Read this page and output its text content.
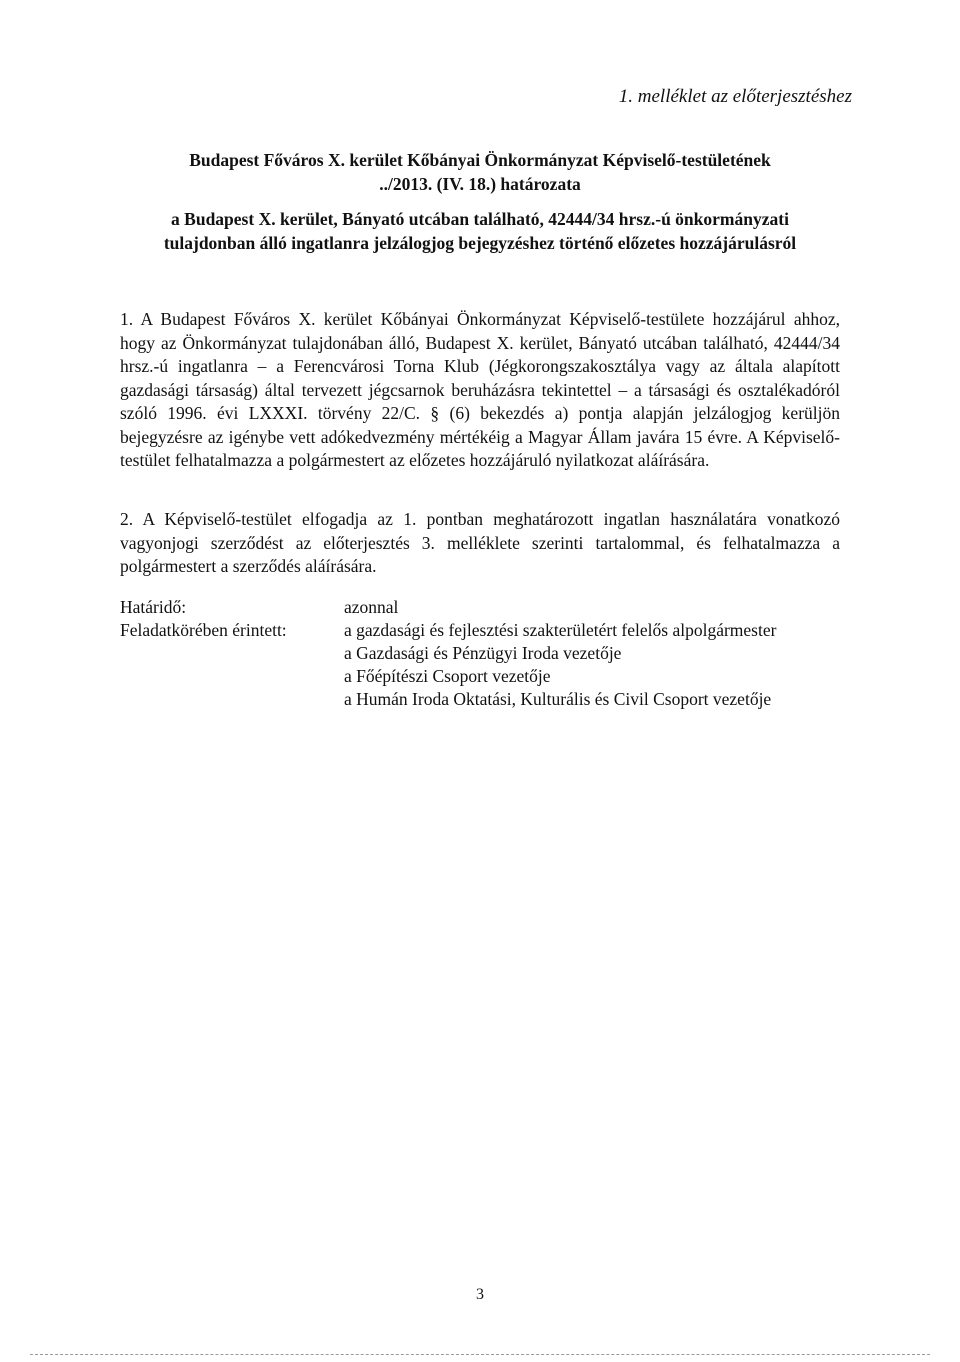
1. melléklet az előterjesztéshez
Budapest Főváros X. kerület Kőbányai Önkormányzat Képviselő-testületének
../2013. (IV. 18.) határozata
a Budapest X. kerület, Bányató utcában található, 42444/34 hrsz.-ú önkormányzati
tulajdonban álló ingatlanra jelzálogjog bejegyzéshez történő előzetes hozzájárulásról
1. A Budapest Főváros X. kerület Kőbányai Önkormányzat Képviselő-testülete hozzájárul ahhoz, hogy az Önkormányzat tulajdonában álló, Budapest X. kerület, Bányató utcában található, 42444/34 hrsz.-ú ingatlanra – a Ferencvárosi Torna Klub (Jégkorongszakosztálya vagy az általa alapított gazdasági társaság) által tervezett jégcsarnok beruházásra tekintettel – a társasági és osztalékadóról szóló 1996. évi LXXXI. törvény 22/C. § (6) bekezdés a) pontja alapján jelzálogjog kerüljön bejegyzésre az igénybe vett adókedvezmény mértékéig a Magyar Állam javára 15 évre. A Képviselő-testület felhatalmazza a polgármestert az előzetes hozzájáruló nyilatkozat aláírására.
2. A Képviselő-testület elfogadja az 1. pontban meghatározott ingatlan használatára vonatkozó vagyonjogi szerződést az előterjesztés 3. melléklete szerinti tartalommal, és felhatalmazza a polgármestert a szerződés aláírására.
Határidő:	azonnal
Feladatkörében érintett:	a gazdasági és fejlesztési szakterületért felelős alpolgármester
a Gazdasági és Pénzügyi Iroda vezetője
a Főépítészi Csoport vezetője
a Humán Iroda Oktatási, Kulturális és Civil Csoport vezetője
3
